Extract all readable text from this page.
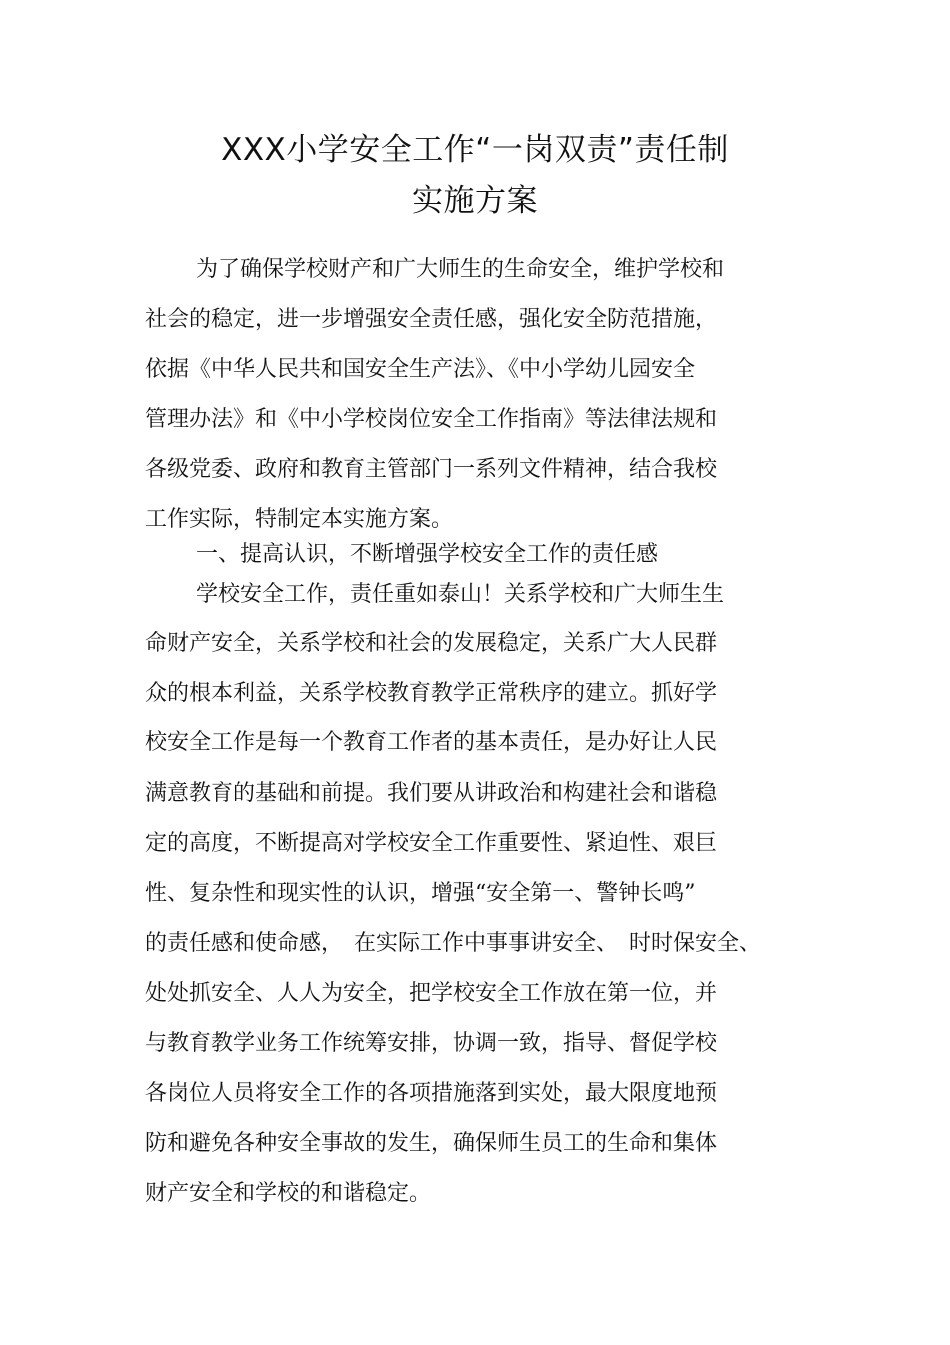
XXX小学安全工作“一岗双责”责任制
实施方案
为了确保学校财产和广大师生的生命安全，维护学校和
社会的稳定，进一步增强安全责任感，强化安全防范措施，
依据《中华人民共和国安全生产法》、《中小学幼儿园安全
管理办法》和《中小学校岗位安全工作指南》等法律法规和
各级党委、政府和教育主管部门一系列文件精神，结合我校
工作实际，特制定本实施方案。
一、提高认识，不断增强学校安全工作的责任感
学校安全工作，责任重如泰山！关系学校和广大师生生
命财产安全，关系学校和社会的发展稳定，关系广大人民群
众的根本利益，关系学校教育教学正常秩序的建立。抓好学
校安全工作是每一个教育工作者的基本责任，是办好让人民
满意教育的基础和前提。我们要从讲政治和构建社会和谐稳
定的高度，不断提高对学校安全工作重要性、紧迫性、艰巨
性、复杂性和现实性的认识，增强“安全第一、警钟长鸣”
的责任感和使命感，　在实际工作中事事讲安全、　时时保安全、
处处抓安全、人人为安全，把学校安全工作放在第一位，并
与教育教学业务工作统筹安排，协调一致，指导、督促学校
各岗位人员将安全工作的各项措施落到实处，最大限度地预
防和避免各种安全事故的发生，确保师生员工的生命和集体
财产安全和学校的和谐稳定。
